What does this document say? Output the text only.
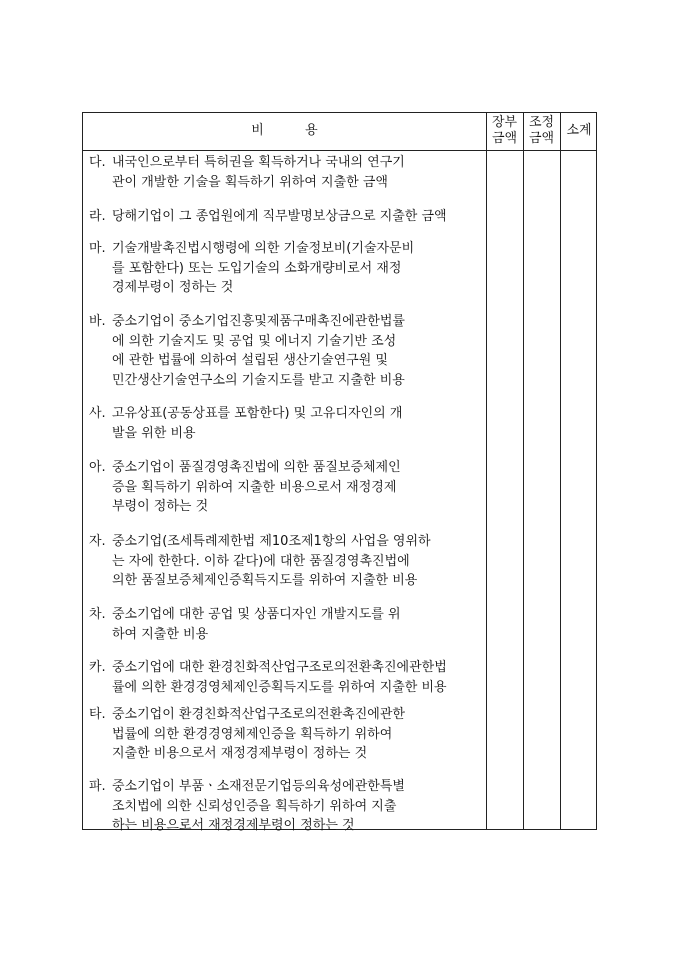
비          용
장부
금액
조정
금액
소계
다. 내국인으로부터 특허권을 획득하거나 국내의 연구기
관이 개발한 기술을 획득하기 위하여 지출한 금액
라. 당해기업이 그 종업원에게 직무발명보상금으로 지출한 금액
마. 기술개발촉진법시행령에 의한 기술정보비(기술자문비
를 포함한다) 또는 도입기술의 소화개량비로서 재정
경제부령이 정하는 것
바. 중소기업이 중소기업진흥및제품구매촉진에관한법률
에 의한 기술지도 및 공업 및 에너지 기술기반 조성
에 관한 법률에 의하여 설립된 생산기술연구원 및
민간생산기술연구소의 기술지도를 받고 지출한 비용
사. 고유상표(공동상표를 포함한다) 및 고유디자인의 개
발을 위한 비용
아. 중소기업이 품질경영촉진법에 의한 품질보증체제인
증을 획득하기 위하여 지출한 비용으로서 재정경제
부령이 정하는 것
자. 중소기업(조세특례제한법 제10조제1항의 사업을 영위하
는 자에 한한다. 이하 같다)에 대한 품질경영촉진법에
의한 품질보증체제인증획득지도를 위하여 지출한 비용
차. 중소기업에 대한 공업 및 상품디자인 개발지도를 위
하여 지출한 비용
카. 중소기업에 대한 환경친화적산업구조로의전환촉진에관한법
률에 의한 환경경영체제인증획득지도를 위하여 지출한 비용
타. 중소기업이 환경친화적산업구조로의전환촉진에관한
법률에 의한 환경경영체제인증을 획득하기 위하여
지출한 비용으로서 재정경제부령이 정하는 것
파. 중소기업이 부품ㆍ소재전문기업등의육성에관한특별
조치법에 의한 신뢰성인증을 획득하기 위하여 지출
하는 비용으로서 재정경제부령이 정하는 것
